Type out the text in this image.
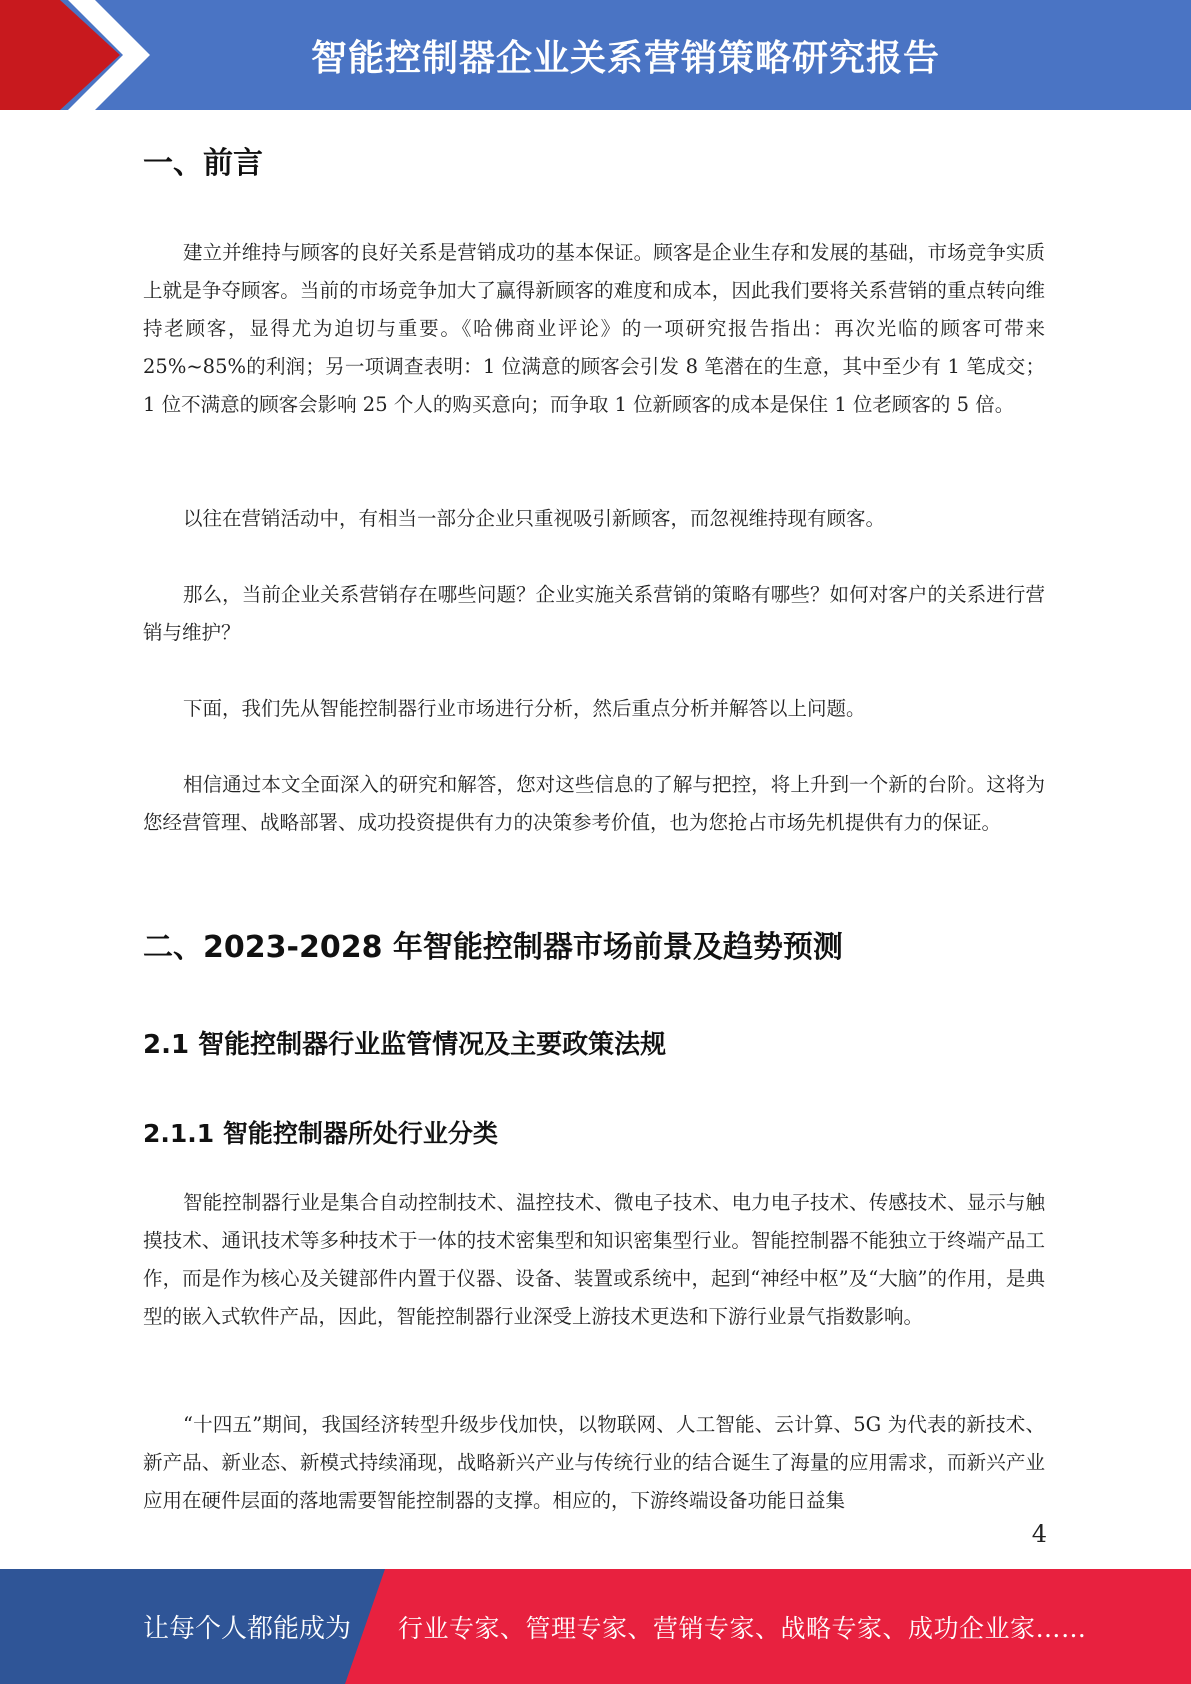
智能控制器企业关系营销策略研究报告
一、前言

建立并维持与顾客的良好关系是营销成功的基本保证。顾客是企业生存和发展的基础，市场竞争实质上就是争夺顾客。当前的市场竞争加大了赢得新顾客的难度和成本，因此我们要将关系营销的重点转向维持老顾客，显得尤为迫切与重要。《哈佛商业评论》的一项研究报告指出：再次光临的顾客可带来 25%~85%的利润；另一项调查表明：1 位满意的顾客会引发 8 笔潜在的生意，其中至少有 1 笔成交；1 位不满意的顾客会影响 25 个人的购买意向；而争取 1 位新顾客的成本是保住 1 位老顾客的 5 倍。

以往在营销活动中，有相当一部分企业只重视吸引新顾客，而忽视维持现有顾客。

那么，当前企业关系营销存在哪些问题？企业实施关系营销的策略有哪些？如何对客户的关系进行营销与维护？

下面，我们先从智能控制器行业市场进行分析，然后重点分析并解答以上问题。

相信通过本文全面深入的研究和解答，您对这些信息的了解与把控，将上升到一个新的台阶。这将为您经营管理、战略部署、成功投资提供有力的决策参考价值，也为您抢占市场先机提供有力的保证。

二、2023-2028 年智能控制器市场前景及趋势预测
2.1 智能控制器行业监管情况及主要政策法规
2.1.1 智能控制器所处行业分类

智能控制器行业是集合自动控制技术、温控技术、微电子技术、电力电子技术、传感技术、显示与触摸技术、通讯技术等多种技术于一体的技术密集型和知识密集型行业。智能控制器不能独立于终端产品工作，而是作为核心及关键部件内置于仪器、设备、装置或系统中，起到“神经中枢”及“大脑”的作用，是典型的嵌入式软件产品，因此，智能控制器行业深受上游技术更迭和下游行业景气指数影响。

“十四五”期间，我国经济转型升级步伐加快，以物联网、人工智能、云计算、5G 为代表的新技术、新产品、新业态、新模式持续涌现，战略新兴产业与传统行业的结合诞生了海量的应用需求，而新兴产业应用在硬件层面的落地需要智能控制器的支撑。相应的，下游终端设备功能日益集

4
让每个人都能成为 行业专家、管理专家、营销专家、战略专家、成功企业家……
